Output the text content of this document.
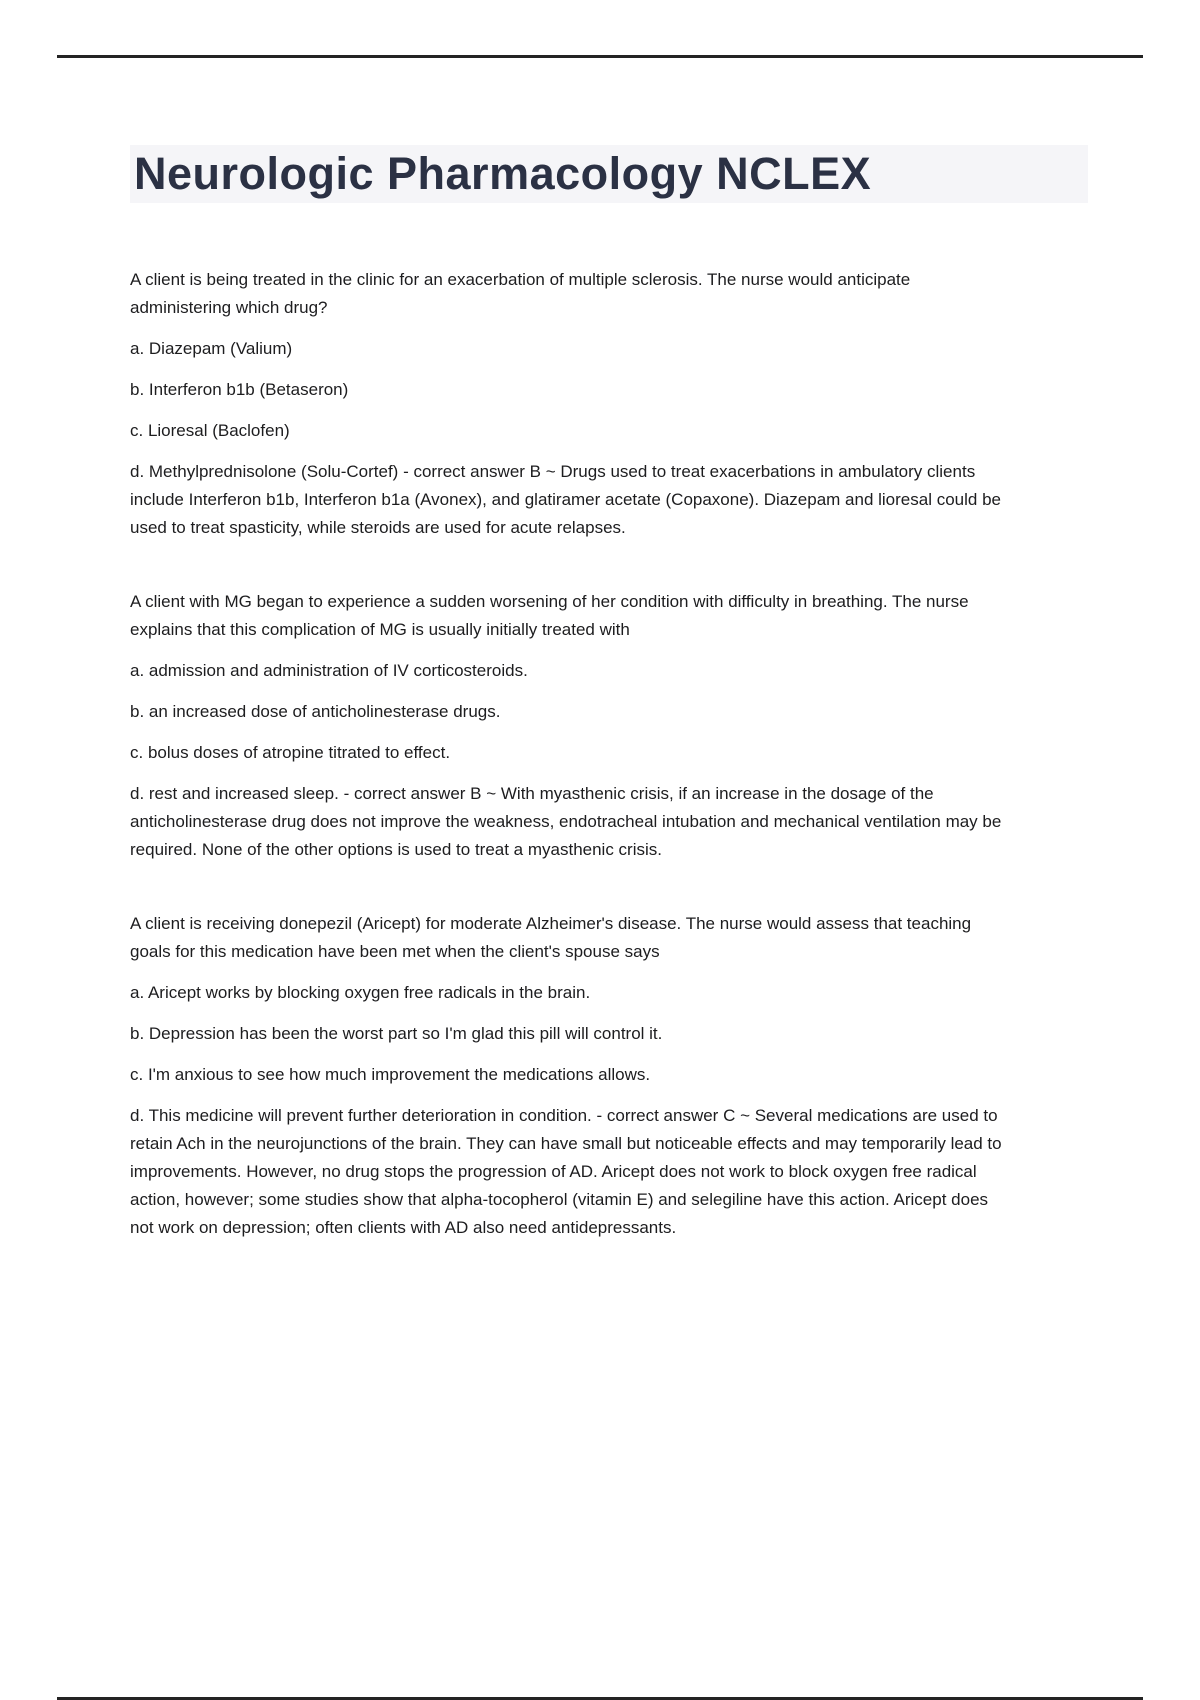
Neurologic Pharmacology NCLEX

A client is being treated in the clinic for an exacerbation of multiple sclerosis. The nurse would anticipate administering which drug?

a. Diazepam (Valium)

b. Interferon b1b (Betaseron)

c. Lioresal (Baclofen)

d. Methylprednisolone (Solu-Cortef) - correct answer B ~ Drugs used to treat exacerbations in ambulatory clients include Interferon b1b, Interferon b1a (Avonex), and glatiramer acetate (Copaxone). Diazepam and lioresal could be used to treat spasticity, while steroids are used for acute relapses.

A client with MG began to experience a sudden worsening of her condition with difficulty in breathing. The nurse explains that this complication of MG is usually initially treated with

a. admission and administration of IV corticosteroids.

b. an increased dose of anticholinesterase drugs.

c. bolus doses of atropine titrated to effect.

d. rest and increased sleep. - correct answer B ~ With myasthenic crisis, if an increase in the dosage of the anticholinesterase drug does not improve the weakness, endotracheal intubation and mechanical ventilation may be required. None of the other options is used to treat a myasthenic crisis.

A client is receiving donepezil (Aricept) for moderate Alzheimer's disease. The nurse would assess that teaching goals for this medication have been met when the client's spouse says

a. Aricept works by blocking oxygen free radicals in the brain.

b. Depression has been the worst part so I'm glad this pill will control it.

c. I'm anxious to see how much improvement the medications allows.

d. This medicine will prevent further deterioration in condition. - correct answer C ~ Several medications are used to retain Ach in the neurojunctions of the brain. They can have small but noticeable effects and may temporarily lead to improvements. However, no drug stops the progression of AD. Aricept does not work to block oxygen free radical action, however; some studies show that alpha-tocopherol (vitamin E) and selegiline have this action. Aricept does not work on depression; often clients with AD also need antidepressants.
